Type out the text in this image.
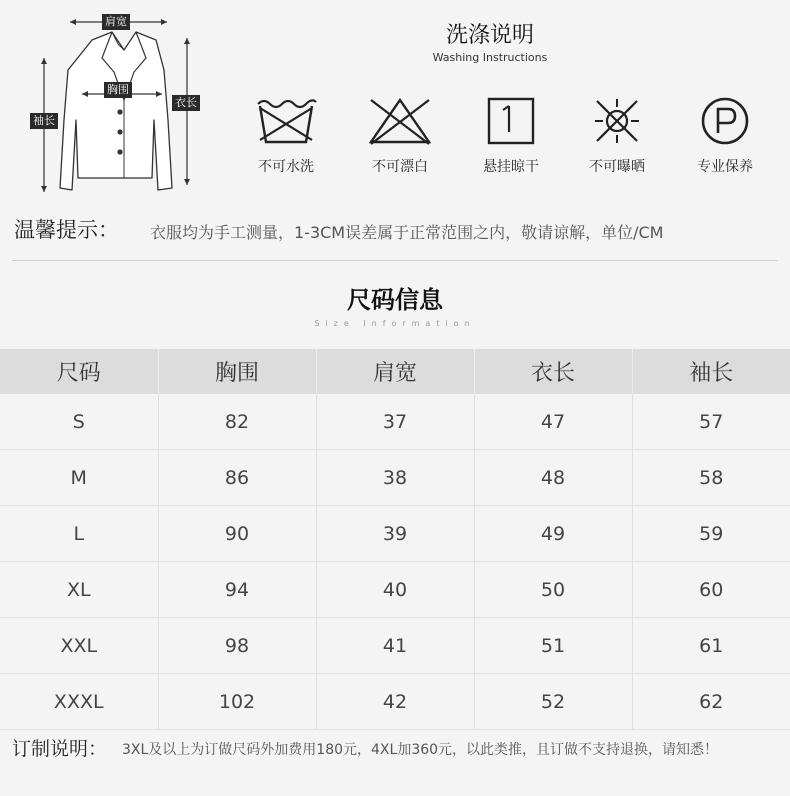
肩宽
胸围
袖长
衣长
洗涤说明
Washing Instructions
不可水洗	不可漂白	悬挂晾干	不可曝晒	专业保养
温馨提示： 衣服均为手工测量，1-3CM误差属于正常范围之内，敬请谅解，单位/CM
尺码信息
Size Information
尺码	胸围	肩宽	衣长	袖长
S	82	37	47	57
M	86	38	48	58
L	90	39	49	59
XL	94	40	50	60
XXL	98	41	51	61
XXXL	102	42	52	62
订制说明： 3XL及以上为订做尺码外加费用180元，4XL加360元，以此类推，且订做不支持退换，请知悉！
